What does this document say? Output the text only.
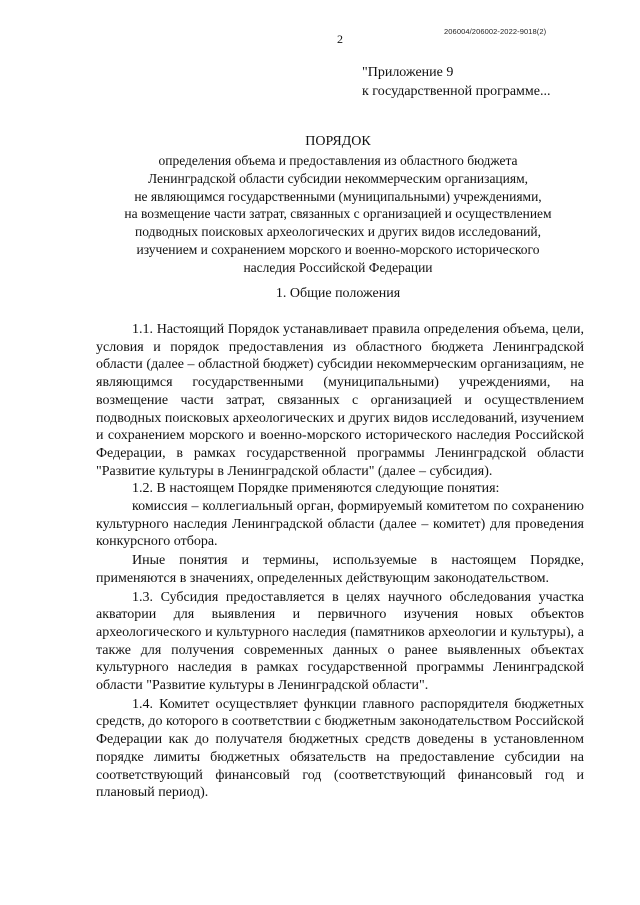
206004/206002-2022-9018(2)
2
"Приложение 9
к государственной программе...
ПОРЯДОК
определения объема и предоставления из областного бюджета
Ленинградской области субсидии некоммерческим организациям,
не являющимся государственными (муниципальными) учреждениями,
на возмещение части затрат, связанных с организацией и осуществлением
подводных поисковых археологических и других видов исследований,
изучением и сохранением морского и военно-морского исторического
наследия Российской Федерации
1. Общие положения
1.1. Настоящий Порядок устанавливает правила определения объема, цели, условия и порядок предоставления из областного бюджета Ленинградской области (далее – областной бюджет) субсидии некоммерческим организациям, не являющимся государственными (муниципальными) учреждениями, на возмещение части затрат, связанных с организацией и осуществлением подводных поисковых археологических и других видов исследований, изучением и сохранением морского и военно-морского исторического наследия Российской Федерации, в рамках государственной программы Ленинградской области "Развитие культуры в Ленинградской области" (далее – субсидия).
1.2. В настоящем Порядке применяются следующие понятия:
комиссия – коллегиальный орган, формируемый комитетом по сохранению культурного наследия Ленинградской области (далее – комитет) для проведения конкурсного отбора.
Иные понятия и термины, используемые в настоящем Порядке, применяются в значениях, определенных действующим законодательством.
1.3. Субсидия предоставляется в целях научного обследования участка акватории для выявления и первичного изучения новых объектов археологического и культурного наследия (памятников археологии и культуры), а также для получения современных данных о ранее выявленных объектах культурного наследия в рамках государственной программы Ленинградской области "Развитие культуры в Ленинградской области".
1.4. Комитет осуществляет функции главного распорядителя бюджетных средств, до которого в соответствии с бюджетным законодательством Российской Федерации как до получателя бюджетных средств доведены в установленном порядке лимиты бюджетных обязательств на предоставление субсидии на соответствующий финансовый год (соответствующий финансовый год и плановый период).
